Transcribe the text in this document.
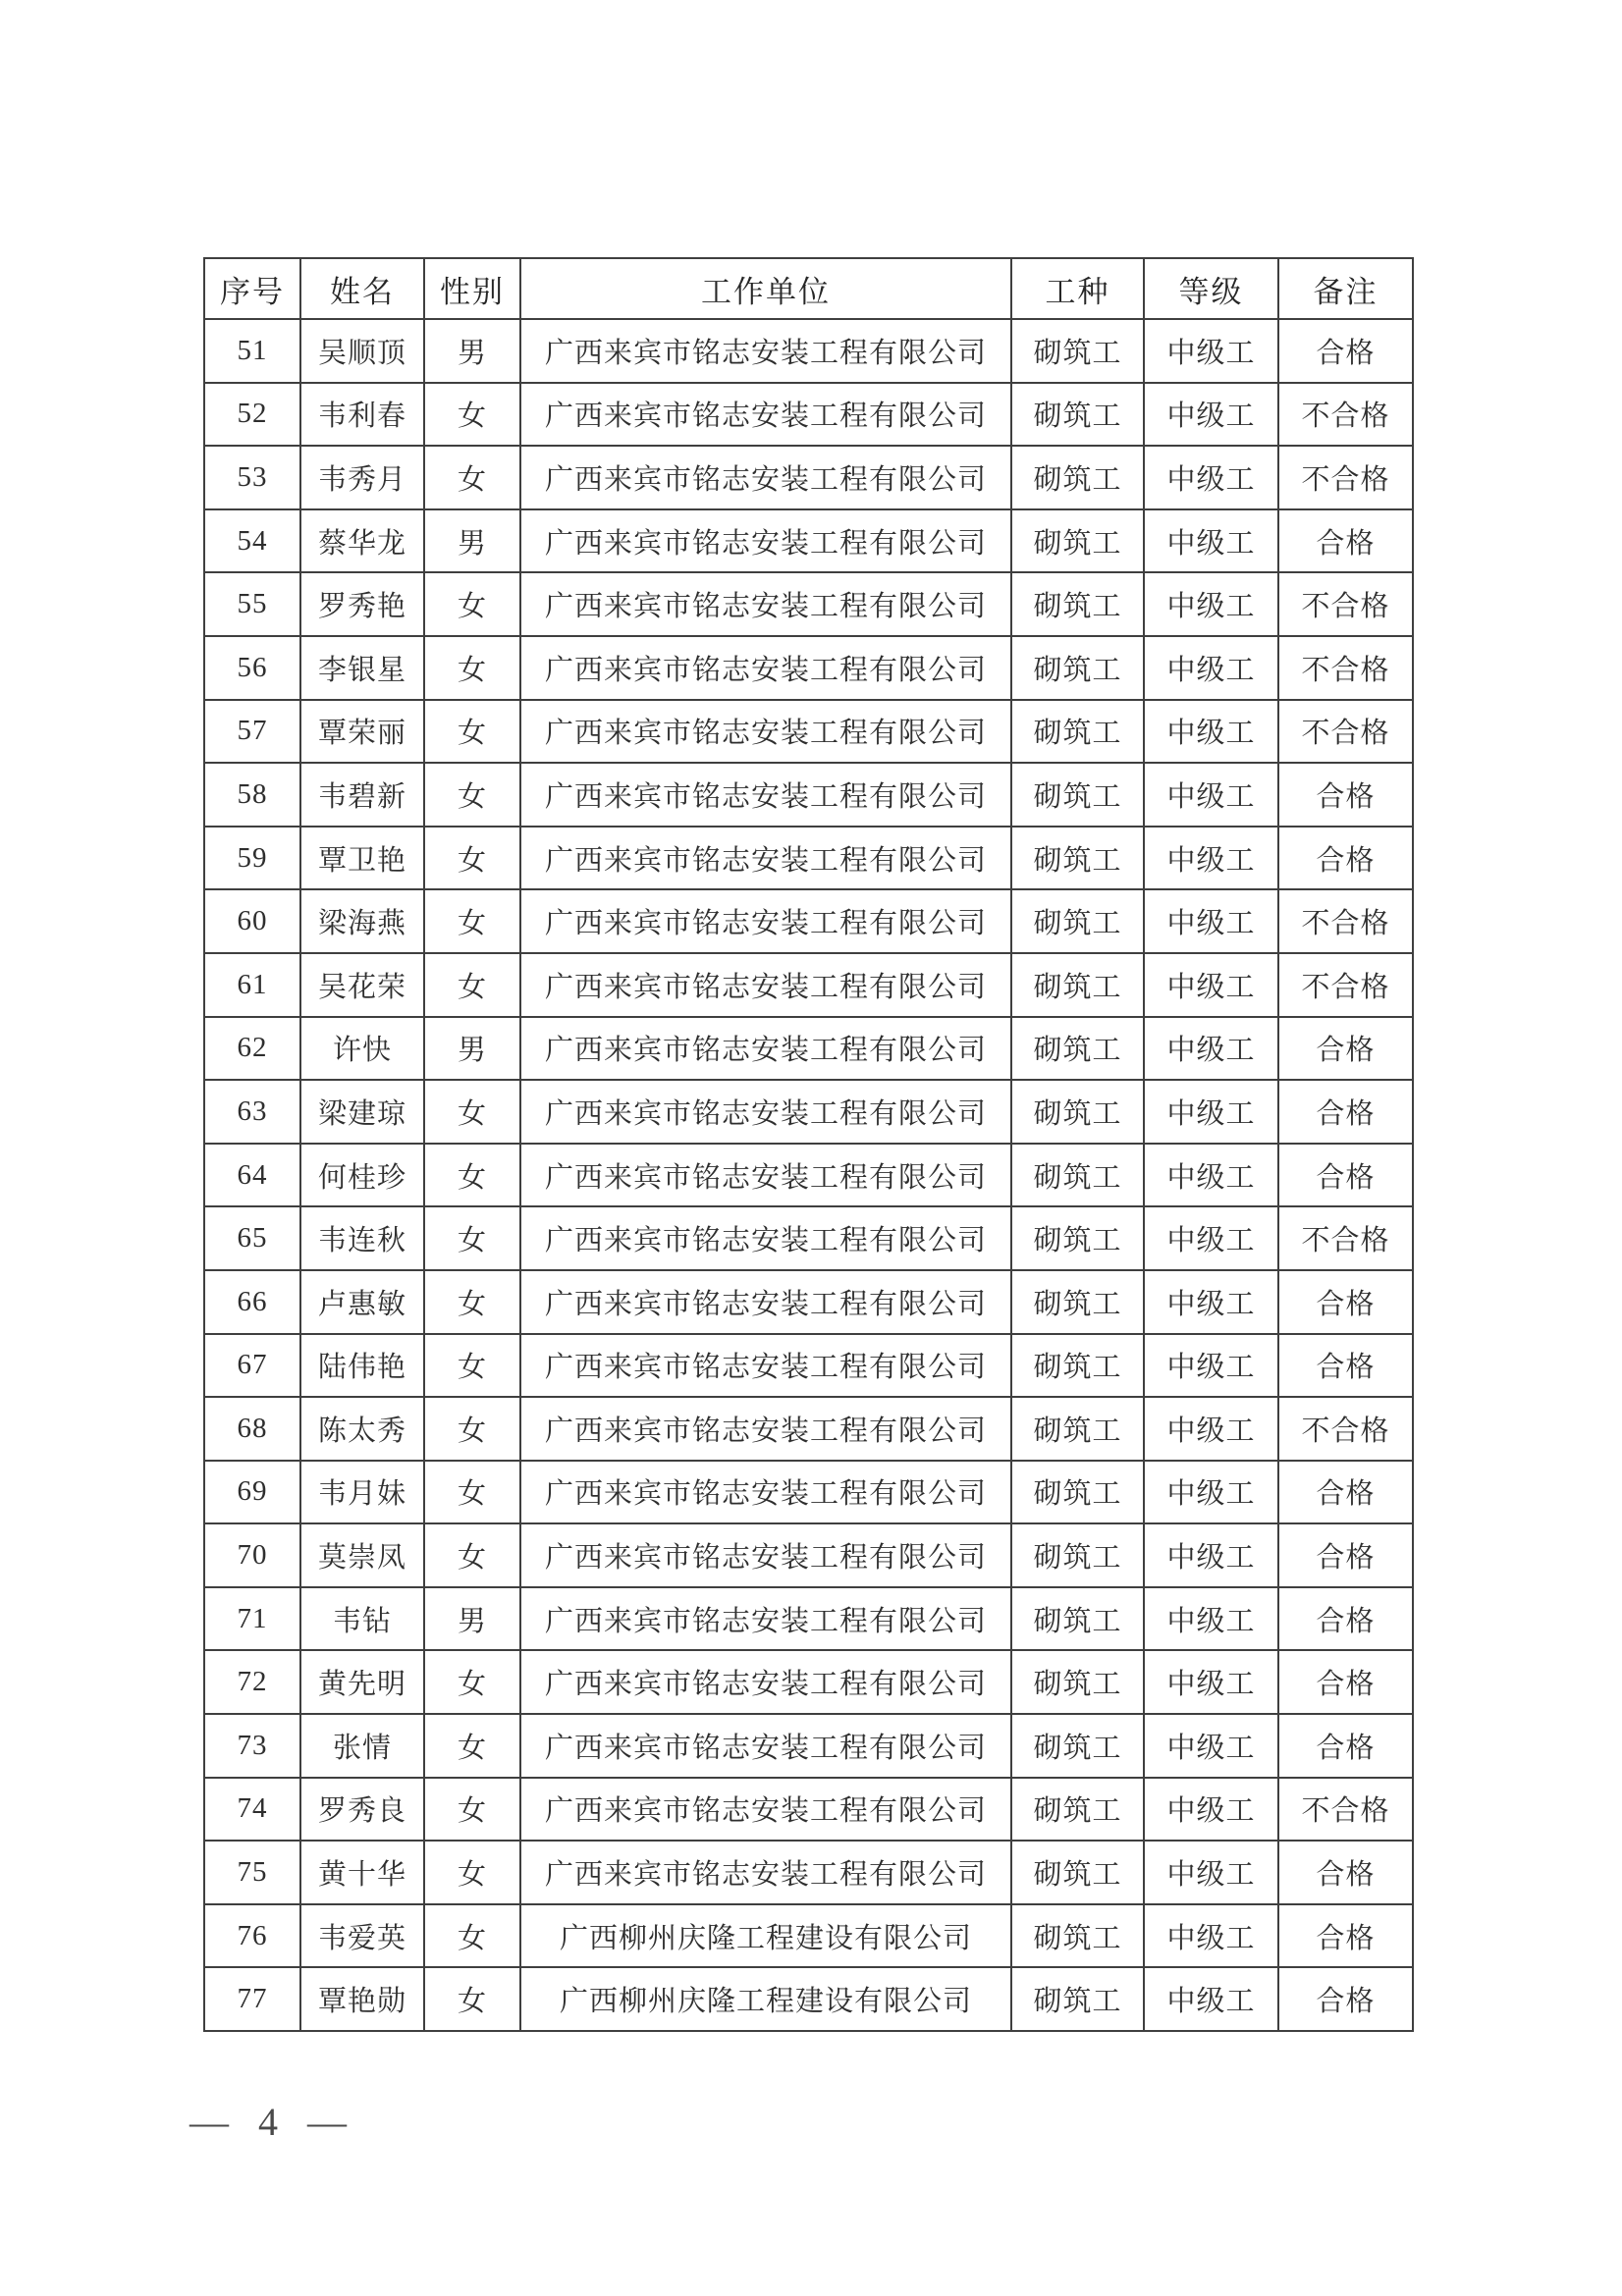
序号	姓名	性别	工作单位	工种	等级	备注
51	吴顺顶	男	广西来宾市铭志安装工程有限公司	砌筑工	中级工	合格
52	韦利春	女	广西来宾市铭志安装工程有限公司	砌筑工	中级工	不合格
53	韦秀月	女	广西来宾市铭志安装工程有限公司	砌筑工	中级工	不合格
54	蔡华龙	男	广西来宾市铭志安装工程有限公司	砌筑工	中级工	合格
55	罗秀艳	女	广西来宾市铭志安装工程有限公司	砌筑工	中级工	不合格
56	李银星	女	广西来宾市铭志安装工程有限公司	砌筑工	中级工	不合格
57	覃荣丽	女	广西来宾市铭志安装工程有限公司	砌筑工	中级工	不合格
58	韦碧新	女	广西来宾市铭志安装工程有限公司	砌筑工	中级工	合格
59	覃卫艳	女	广西来宾市铭志安装工程有限公司	砌筑工	中级工	合格
60	梁海燕	女	广西来宾市铭志安装工程有限公司	砌筑工	中级工	不合格
61	吴花荣	女	广西来宾市铭志安装工程有限公司	砌筑工	中级工	不合格
62	许快	男	广西来宾市铭志安装工程有限公司	砌筑工	中级工	合格
63	梁建琼	女	广西来宾市铭志安装工程有限公司	砌筑工	中级工	合格
64	何桂珍	女	广西来宾市铭志安装工程有限公司	砌筑工	中级工	合格
65	韦连秋	女	广西来宾市铭志安装工程有限公司	砌筑工	中级工	不合格
66	卢惠敏	女	广西来宾市铭志安装工程有限公司	砌筑工	中级工	合格
67	陆伟艳	女	广西来宾市铭志安装工程有限公司	砌筑工	中级工	合格
68	陈太秀	女	广西来宾市铭志安装工程有限公司	砌筑工	中级工	不合格
69	韦月妹	女	广西来宾市铭志安装工程有限公司	砌筑工	中级工	合格
70	莫崇凤	女	广西来宾市铭志安装工程有限公司	砌筑工	中级工	合格
71	韦钻	男	广西来宾市铭志安装工程有限公司	砌筑工	中级工	合格
72	黄先明	女	广西来宾市铭志安装工程有限公司	砌筑工	中级工	合格
73	张情	女	广西来宾市铭志安装工程有限公司	砌筑工	中级工	合格
74	罗秀良	女	广西来宾市铭志安装工程有限公司	砌筑工	中级工	不合格
75	黄十华	女	广西来宾市铭志安装工程有限公司	砌筑工	中级工	合格
76	韦爱英	女	广西柳州庆隆工程建设有限公司	砌筑工	中级工	合格
77	覃艳勋	女	广西柳州庆隆工程建设有限公司	砌筑工	中级工	合格
— 4 —
